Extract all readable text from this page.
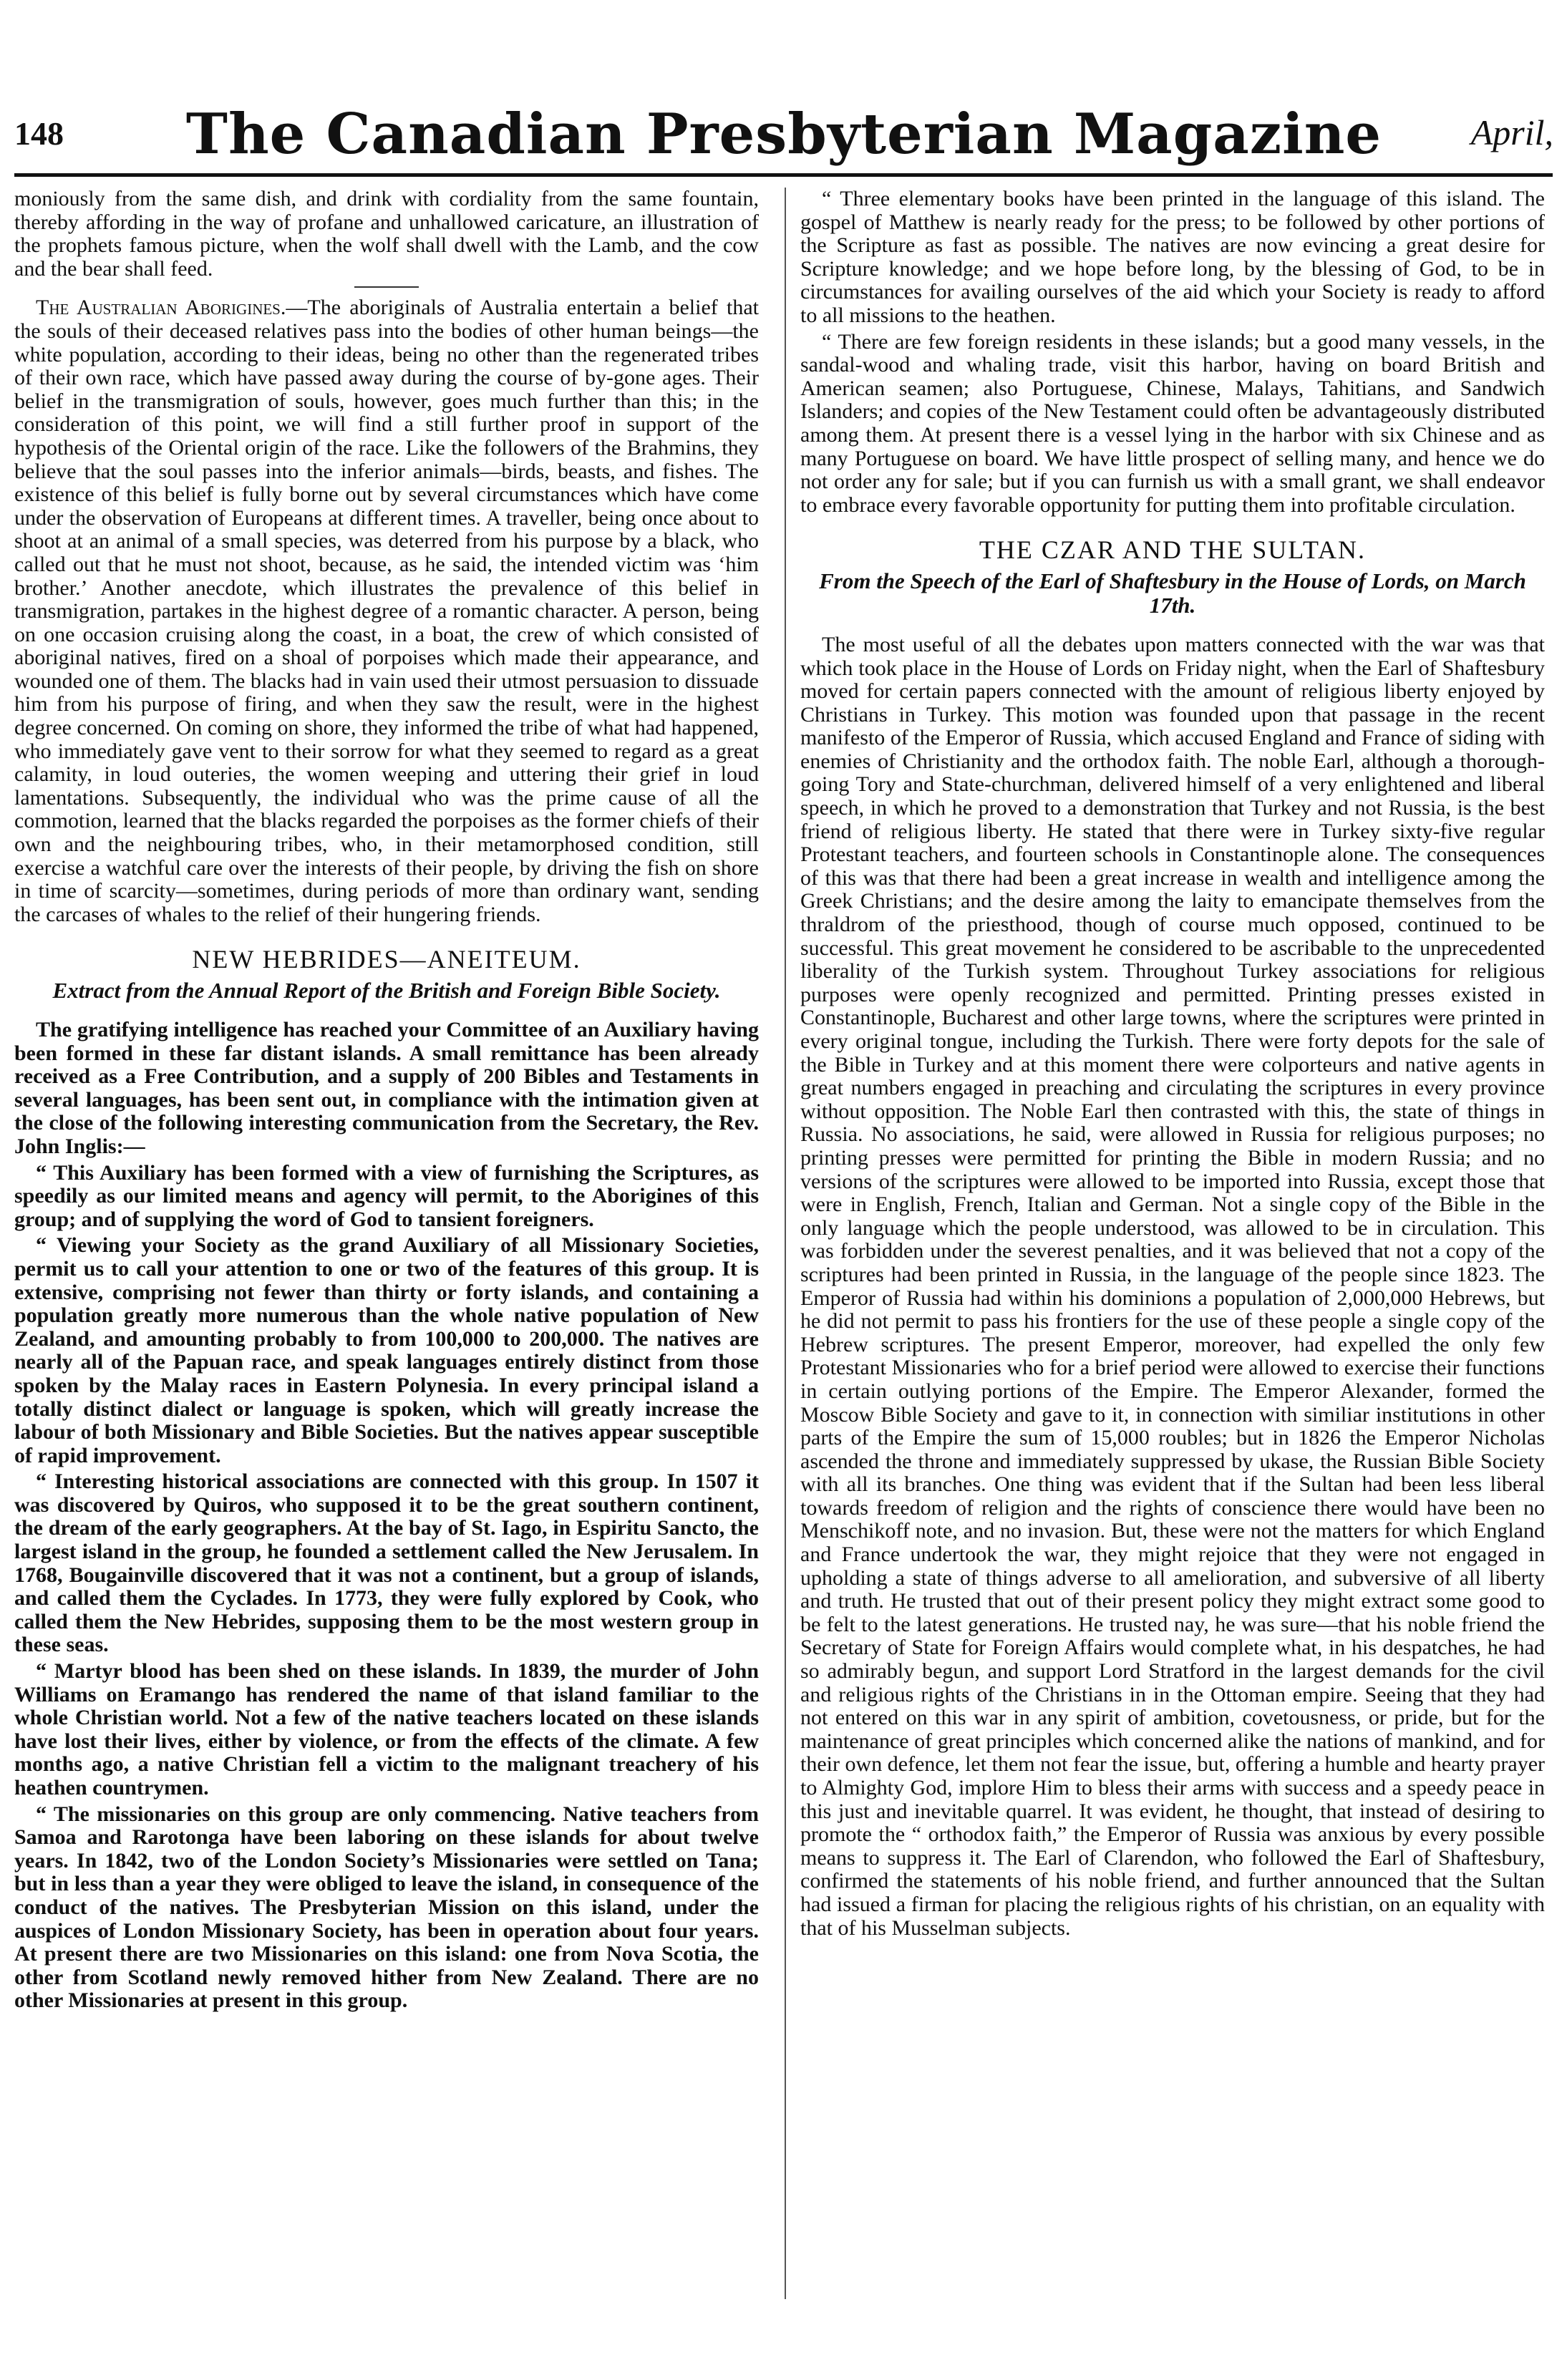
148	The Canadian Presbyterian Magazine	April,

moniously from the same dish, and drink with cordiality from the same fountain, thereby affording in the way of profane and unhallowed caricature, an illustration of the prophets famous picture, when the wolf shall dwell with the Lamb, and the cow and the bear shall feed.

The Australian Aborigines.—The aboriginals of Australia entertain a belief that the souls of their deceased relatives pass into the bodies of other human beings—the white population, according to their ideas, being no other than the regenerated tribes of their own race, which have passed away during the course of by-gone ages. Their belief in the transmigration of souls, however, goes much further than this; in the consideration of this point, we will find a still further proof in support of the hypothesis of the Oriental origin of the race. Like the followers of the Brahmins, they believe that the soul passes into the inferior animals—birds, beasts, and fishes. The existence of this belief is fully borne out by several circumstances which have come under the observation of Europeans at different times. A traveller, being once about to shoot at an animal of a small species, was deterred from his purpose by a black, who called out that he must not shoot, because, as he said, the intended victim was ‘him brother.’ Another anecdote, which illustrates the prevalence of this belief in transmigration, partakes in the highest degree of a romantic character. A person, being on one occasion cruising along the coast, in a boat, the crew of which consisted of aboriginal natives, fired on a shoal of porpoises which made their appearance, and wounded one of them. The blacks had in vain used their utmost persuasion to dissuade him from his purpose of firing, and when they saw the result, were in the highest degree concerned. On coming on shore, they informed the tribe of what had happened, who immediately gave vent to their sorrow for what they seemed to regard as a great calamity, in loud outeries, the women weeping and uttering their grief in loud lamentations. Subsequently, the individual who was the prime cause of all the commotion, learned that the blacks regarded the porpoises as the former chiefs of their own and the neighbouring tribes, who, in their metamorphosed condition, still exercise a watchful care over the interests of their people, by driving the fish on shore in time of scarcity—sometimes, during periods of more than ordinary want, sending the carcases of whales to the relief of their hungering friends.

NEW HEBRIDES—ANEITEUM.
Extract from the Annual Report of the British and Foreign Bible Society.

The gratifying intelligence has reached your Committee of an Auxiliary having been formed in these far distant islands. A small remittance has been already received as a Free Contribution, and a supply of 200 Bibles and Testaments in several languages, has been sent out, in compliance with the intimation given at the close of the following interesting communication from the Secretary, the Rev. John Inglis:—

“ This Auxiliary has been formed with a view of furnishing the Scriptures, as speedily as our limited means and agency will permit, to the Aborigines of this group; and of supplying the word of God to tansient foreigners.

“ Viewing your Society as the grand Auxiliary of all Missionary Societies, permit us to call your attention to one or two of the features of this group. It is extensive, comprising not fewer than thirty or forty islands, and containing a population greatly more numerous than the whole native population of New Zealand, and amounting probably to from 100,000 to 200,000. The natives are nearly all of the Papuan race, and speak languages entirely distinct from those spoken by the Malay races in Eastern Polynesia. In every principal island a totally distinct dialect or language is spoken, which will greatly increase the labour of both Missionary and Bible Societies. But the natives appear susceptible of rapid improvement.

“ Interesting historical associations are connected with this group. In 1507 it was discovered by Quiros, who supposed it to be the great southern continent, the dream of the early geographers. At the bay of St. Iago, in Espiritu Sancto, the largest island in the group, he founded a settlement called the New Jerusalem. In 1768, Bougainville discovered that it was not a continent, but a group of islands, and called them the Cyclades. In 1773, they were fully explored by Cook, who called them the New Hebrides, supposing them to be the most western group in these seas.

“ Martyr blood has been shed on these islands. In 1839, the murder of John Williams on Eramango has rendered the name of that island familiar to the whole Christian world. Not a few of the native teachers located on these islands have lost their lives, either by violence, or from the effects of the climate. A few months ago, a native Christian fell a victim to the malignant treachery of his heathen countrymen.

“ The missionaries on this group are only commencing. Native teachers from Samoa and Rarotonga have been laboring on these islands for about twelve years. In 1842, two of the London Society’s Missionaries were settled on Tana; but in less than a year they were obliged to leave the island, in consequence of the conduct of the natives. The Presbyterian Mission on this island, under the auspices of London Missionary Society, has been in operation about four years. At present there are two Missionaries on this island: one from Nova Scotia, the other from Scotland newly removed hither from New Zealand. There are no other Missionaries at present in this group.

“ Three elementary books have been printed in the language of this island. The gospel of Matthew is nearly ready for the press; to be followed by other portions of the Scripture as fast as possible. The natives are now evincing a great desire for Scripture knowledge; and we hope before long, by the blessing of God, to be in circumstances for availing ourselves of the aid which your Society is ready to afford to all missions to the heathen.

“ There are few foreign residents in these islands; but a good many vessels, in the sandal-wood and whaling trade, visit this harbor, having on board British and American seamen; also Portuguese, Chinese, Malays, Tahitians, and Sandwich Islanders; and copies of the New Testament could often be advantageously distributed among them. At present there is a vessel lying in the harbor with six Chinese and as many Portuguese on board. We have little prospect of selling many, and hence we do not order any for sale; but if you can furnish us with a small grant, we shall endeavor to embrace every favorable opportunity for putting them into profitable circulation.

THE CZAR AND THE SULTAN.
From the Speech of the Earl of Shaftesbury in the House of Lords, on March 17th.

The most useful of all the debates upon matters connected with the war was that which took place in the House of Lords on Friday night, when the Earl of Shaftesbury moved for certain papers connected with the amount of religious liberty enjoyed by Christians in Turkey. This motion was founded upon that passage in the recent manifesto of the Emperor of Russia, which accused England and France of siding with enemies of Christianity and the orthodox faith. The noble Earl, although a thorough-going Tory and State-churchman, delivered himself of a very enlightened and liberal speech, in which he proved to a demonstration that Turkey and not Russia, is the best friend of religious liberty. He stated that there were in Turkey sixty-five regular Protestant teachers, and fourteen schools in Constantinople alone. The consequences of this was that there had been a great increase in wealth and intelligence among the Greek Christians; and the desire among the laity to emancipate themselves from the thraldrom of the priesthood, though of course much opposed, continued to be successful. This great movement he considered to be ascribable to the unprecedented liberality of the Turkish system. Throughout Turkey associations for religious purposes were openly recognized and permitted. Printing presses existed in Constantinople, Bucharest and other large towns, where the scriptures were printed in every original tongue, including the Turkish. There were forty depots for the sale of the Bible in Turkey and at this moment there were colporteurs and native agents in great numbers engaged in preaching and circulating the scriptures in every province without opposition. The Noble Earl then contrasted with this, the state of things in Russia. No associations, he said, were allowed in Russia for religious purposes; no printing presses were permitted for printing the Bible in modern Russia; and no versions of the scriptures were allowed to be imported into Russia, except those that were in English, French, Italian and German. Not a single copy of the Bible in the only language which the people understood, was allowed to be in circulation. This was forbidden under the severest penalties, and it was believed that not a copy of the scriptures had been printed in Russia, in the language of the people since 1823. The Emperor of Russia had within his dominions a population of 2,000,000 Hebrews, but he did not permit to pass his frontiers for the use of these people a single copy of the Hebrew scriptures. The present Emperor, moreover, had expelled the only few Protestant Missionaries who for a brief period were allowed to exercise their functions in certain outlying portions of the Empire. The Emperor Alexander, formed the Moscow Bible Society and gave to it, in connection with similiar institutions in other parts of the Empire the sum of 15,000 roubles; but in 1826 the Emperor Nicholas ascended the throne and immediately suppressed by ukase, the Russian Bible Society with all its branches. One thing was evident that if the Sultan had been less liberal towards freedom of religion and the rights of conscience there would have been no Menschikoff note, and no invasion. But, these were not the matters for which England and France undertook the war, they might rejoice that they were not engaged in upholding a state of things adverse to all amelioration, and subversive of all liberty and truth. He trusted that out of their present policy they might extract some good to be felt to the latest generations. He trusted nay, he was sure—that his noble friend the Secretary of State for Foreign Affairs would complete what, in his despatches, he had so admirably begun, and support Lord Stratford in the largest demands for the civil and religious rights of the Christians in in the Ottoman empire. Seeing that they had not entered on this war in any spirit of ambition, covetousness, or pride, but for the maintenance of great principles which concerned alike the nations of mankind, and for their own defence, let them not fear the issue, but, offering a humble and hearty prayer to Almighty God, implore Him to bless their arms with success and a speedy peace in this just and inevitable quarrel. It was evident, he thought, that instead of desiring to promote the “ orthodox faith,” the Emperor of Russia was anxious by every possible means to suppress it. The Earl of Clarendon, who followed the Earl of Shaftesbury, confirmed the statements of his noble friend, and further announced that the Sultan had issued a firman for placing the religious rights of his christian, on an equality with that of his Musselman subjects.
